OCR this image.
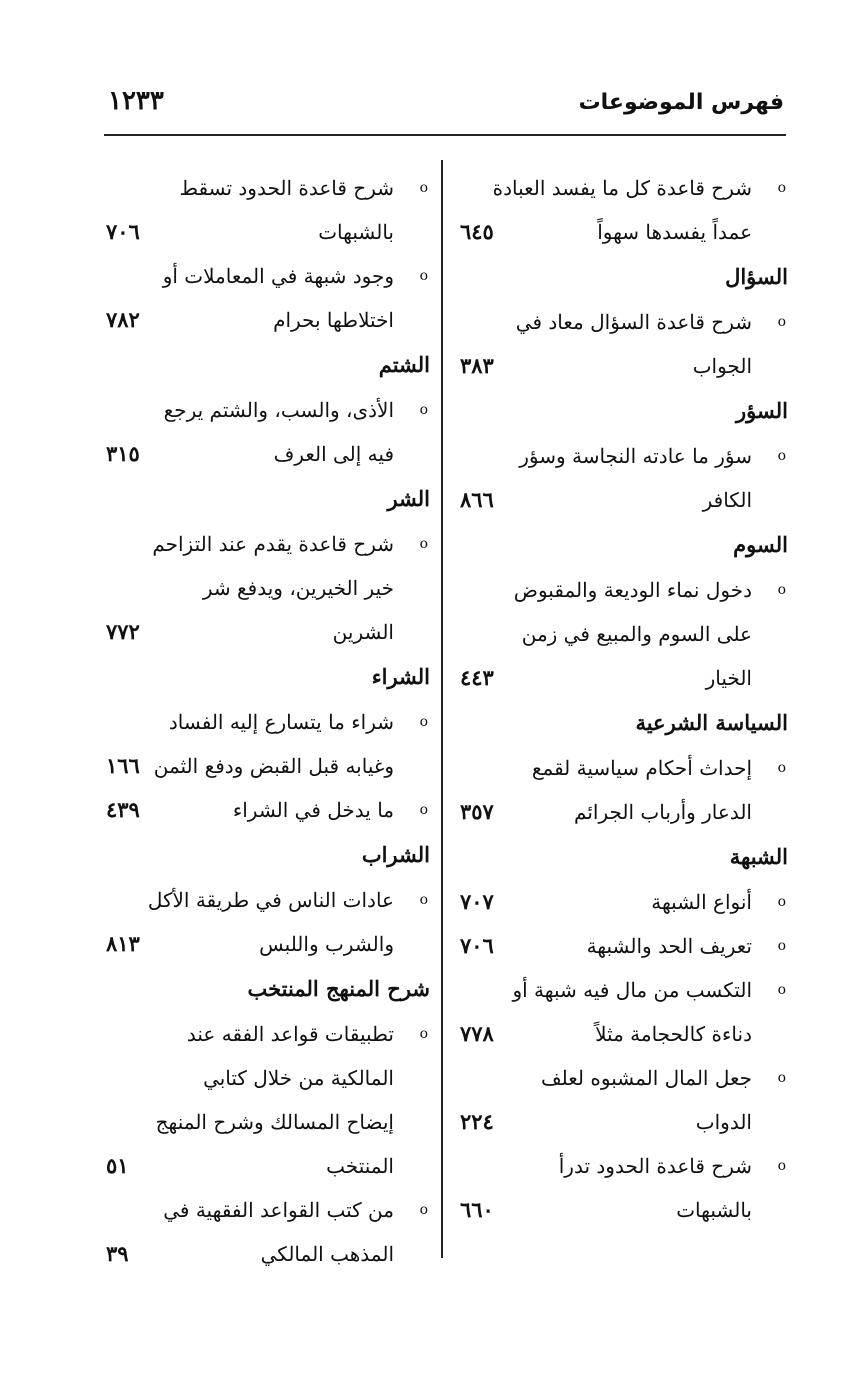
فهرس الموضوعات
١٢٣٣
o
شرح قاعدة كل ما يفسد العبادة
عمداً يفسدها سهواً
٦٤٥
السؤال
o
شرح قاعدة السؤال معاد في
الجواب
٣٨٣
السؤر
o
سؤر ما عادته النجاسة وسؤر
الكافر
٨٦٦
السوم
o
دخول نماء الوديعة والمقبوض
على السوم والمبيع في زمن
الخيار
٤٤٣
السياسة الشرعية
o
إحداث أحكام سياسية لقمع
الدعار وأرباب الجرائم
٣٥٧
الشبهة
o
أنواع الشبهة
٧٠٧
o
تعريف الحد والشبهة
٧٠٦
o
التكسب من مال فيه شبهة أو
دناءة كالحجامة مثلاً
٧٧٨
o
جعل المال المشبوه لعلف
الدواب
٢٢٤
o
شرح قاعدة الحدود تدرأ
بالشبهات
٦٦٠
o
شرح قاعدة الحدود تسقط
بالشبهات
٧٠٦
o
وجود شبهة في المعاملات أو
اختلاطها بحرام
٧٨٢
الشتم
o
الأذى، والسب، والشتم يرجع
فيه إلى العرف
٣١٥
الشر
o
شرح قاعدة يقدم عند التزاحم
خير الخيرين، ويدفع شر
الشرين
٧٧٢
الشراء
o
شراء ما يتسارع إليه الفساد
وغيابه قبل القبض ودفع الثمن
١٦٦
o
ما يدخل في الشراء
٤٣٩
الشراب
o
عادات الناس في طريقة الأكل
والشرب واللبس
٨١٣
شرح المنهج المنتخب
o
تطبيقات قواعد الفقه عند
المالكية من خلال كتابي
إيضاح المسالك وشرح المنهج
المنتخب
٥١
o
من كتب القواعد الفقهية في
المذهب المالكي
٣٩
